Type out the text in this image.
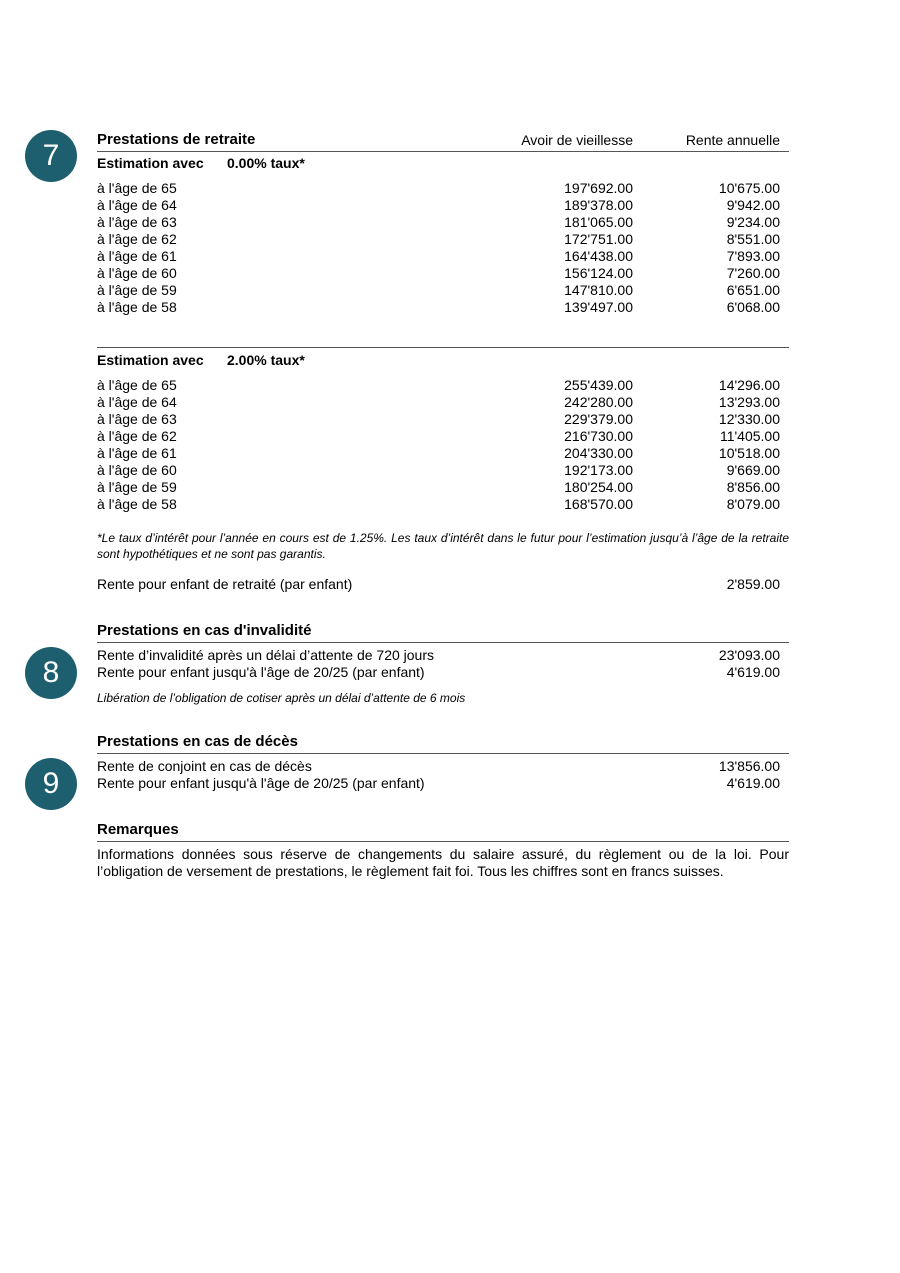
7
8
9
Prestations de retraite	Avoir de vieillesse	Rente annuelle
Estimation avec 0.00% taux*
à l'âge de 65	197'692.00	10'675.00
à l'âge de 64	189'378.00	9'942.00
à l'âge de 63	181'065.00	9'234.00
à l'âge de 62	172'751.00	8'551.00
à l'âge de 61	164'438.00	7'893.00
à l'âge de 60	156'124.00	7'260.00
à l'âge de 59	147'810.00	6'651.00
à l'âge de 58	139'497.00	6'068.00
Estimation avec 2.00% taux*
à l'âge de 65	255'439.00	14'296.00
à l'âge de 64	242'280.00	13'293.00
à l'âge de 63	229'379.00	12'330.00
à l'âge de 62	216'730.00	11'405.00
à l'âge de 61	204'330.00	10'518.00
à l'âge de 60	192'173.00	9'669.00
à l'âge de 59	180'254.00	8'856.00
à l'âge de 58	168'570.00	8'079.00
*Le taux d’intérêt pour l’année en cours est de 1.25%. Les taux d’intérêt dans le futur pour l’estimation jusqu’à l’âge de la retraite sont hypothétiques et ne sont pas garantis.
Rente pour enfant de retraité (par enfant)	2'859.00
Prestations en cas d'invalidité
Rente d’invalidité après un délai d’attente de 720 jours	23'093.00
Rente pour enfant jusqu'à l'âge de 20/25 (par enfant)	4'619.00
Libération de l’obligation de cotiser après un délai d’attente de 6 mois
Prestations en cas de décès
Rente de conjoint en cas de décès	13'856.00
Rente pour enfant jusqu'à l'âge de 20/25 (par enfant)	4'619.00
Remarques
Informations données sous réserve de changements du salaire assuré, du règlement ou de la loi. Pour l’obligation de versement de prestations, le règlement fait foi. Tous les chiffres sont en francs suisses.
